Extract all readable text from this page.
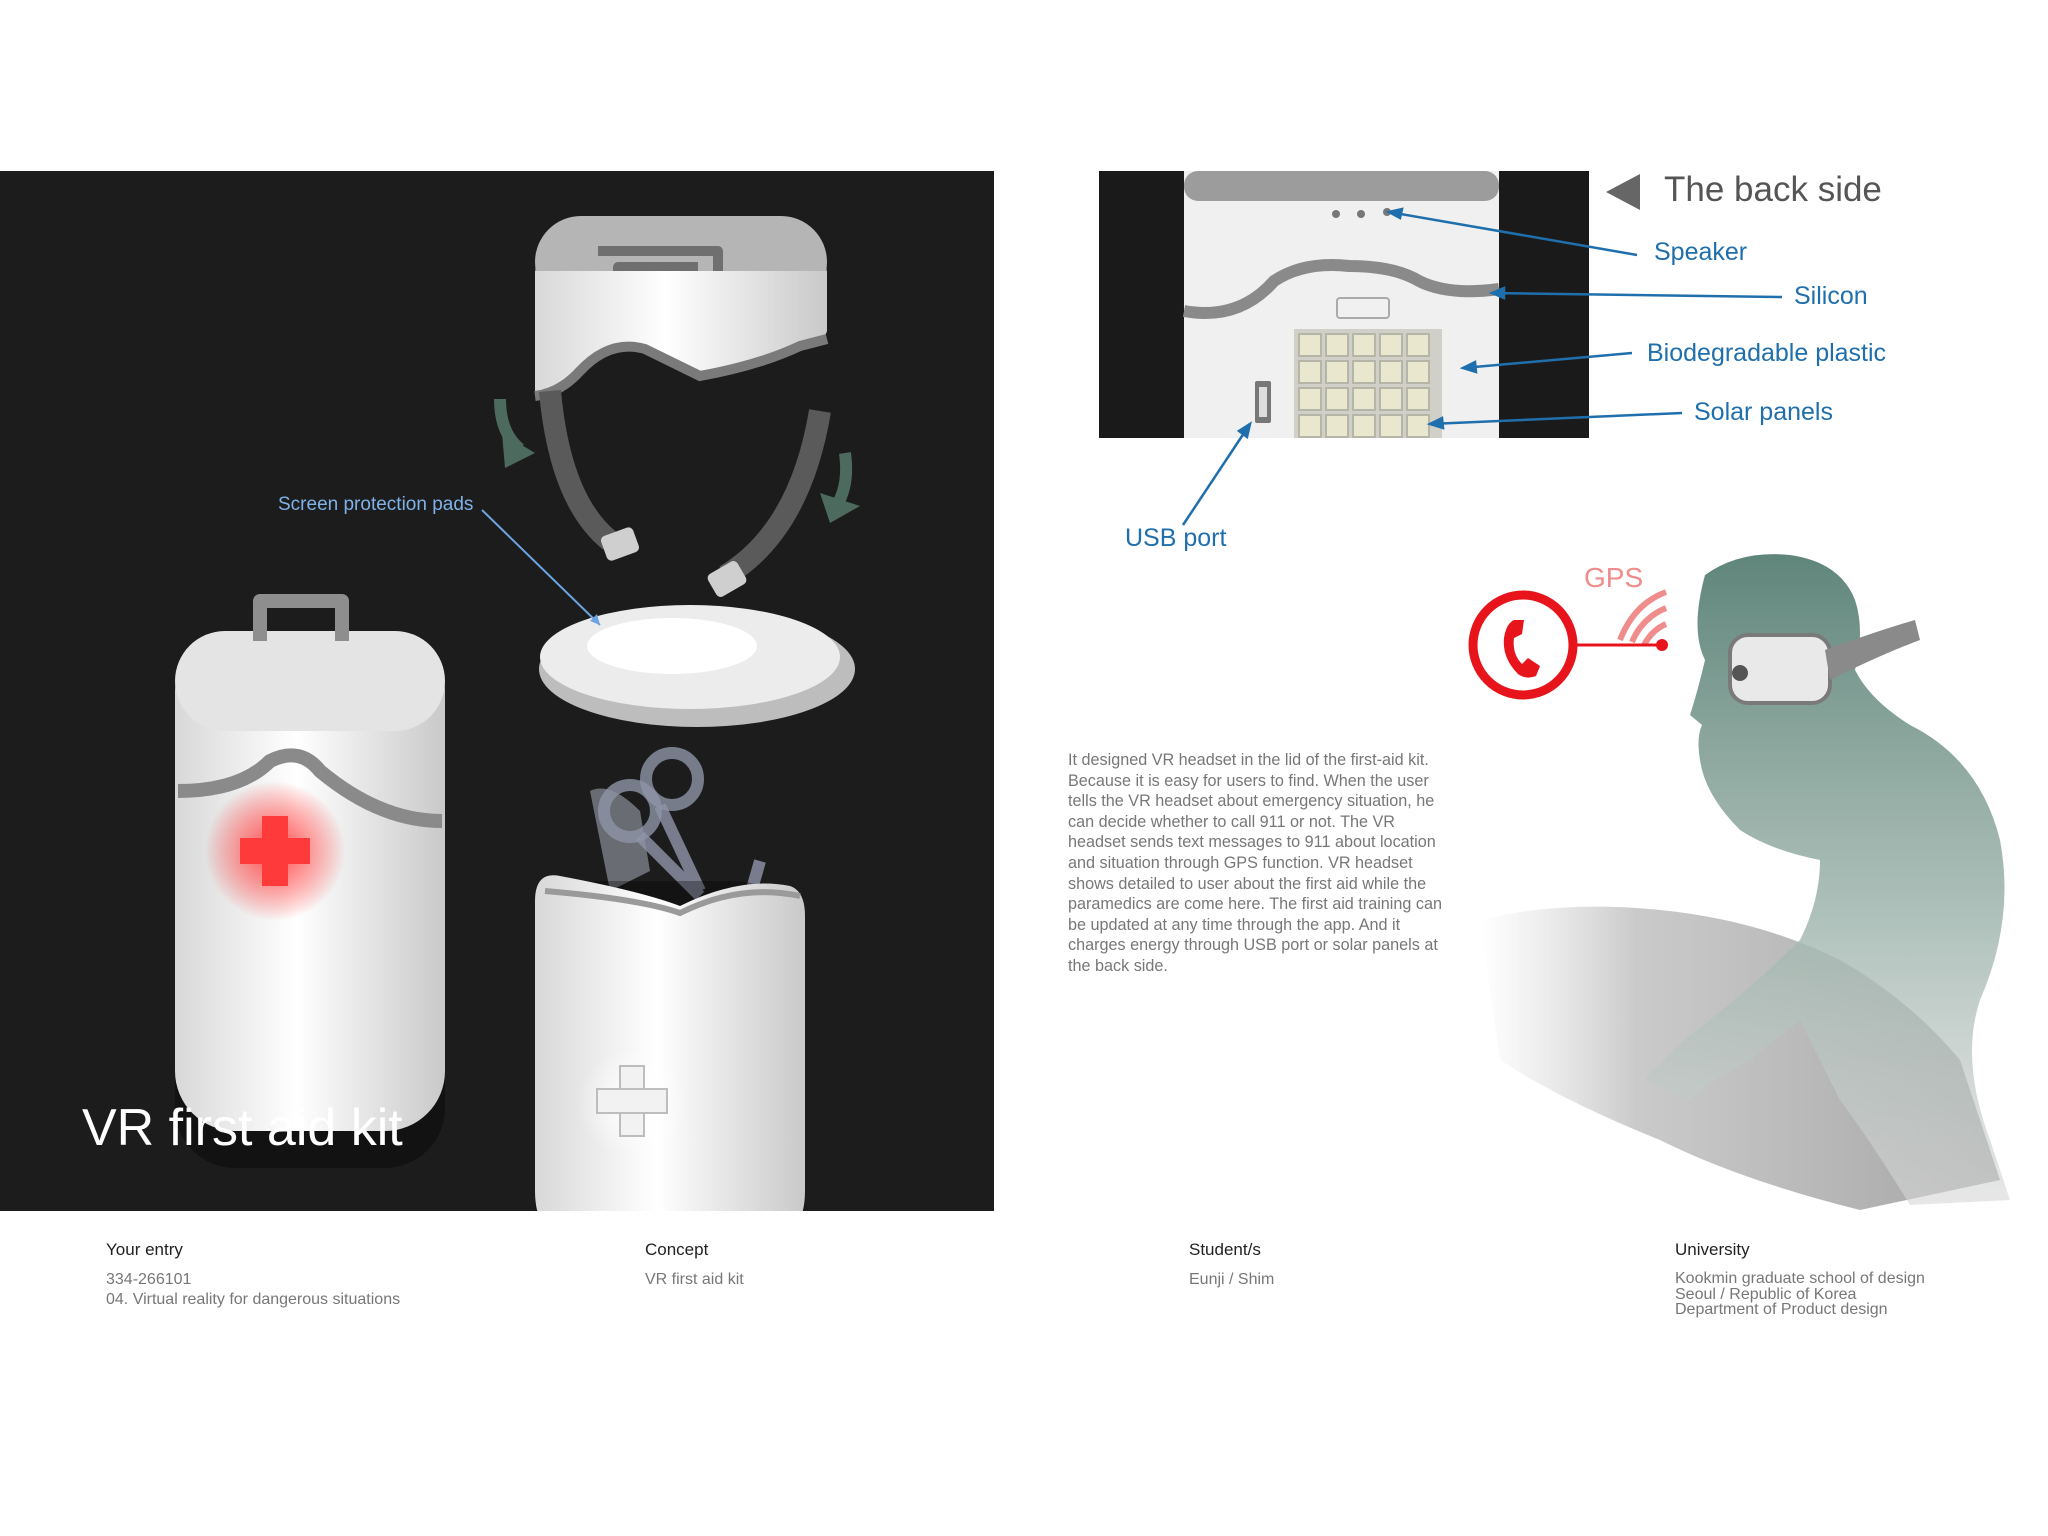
Screen protection pads
VR first aid kit
The back side
Speaker
Silicon
Biodegradable plastic
Solar panels
USB port
GPS
It designed VR headset in the lid of the first-aid kit.
Because it is easy for users to find. When the user
tells the VR headset about emergency situation, he
can decide whether to call 911 or not. The VR
headset sends text messages to 911 about location
and situation through GPS function. VR headset
shows detailed to user about the first aid while the
paramedics are come here. The first aid training can
be updated at any time through the app. And it
charges energy through USB port or solar panels at
the back side.
Your entry
334-266101
04. Virtual reality for dangerous situations
Concept
VR first aid kit
Student/s
Eunji / Shim
University
Kookmin graduate school of design
Seoul / Republic of Korea
Department of Product design
